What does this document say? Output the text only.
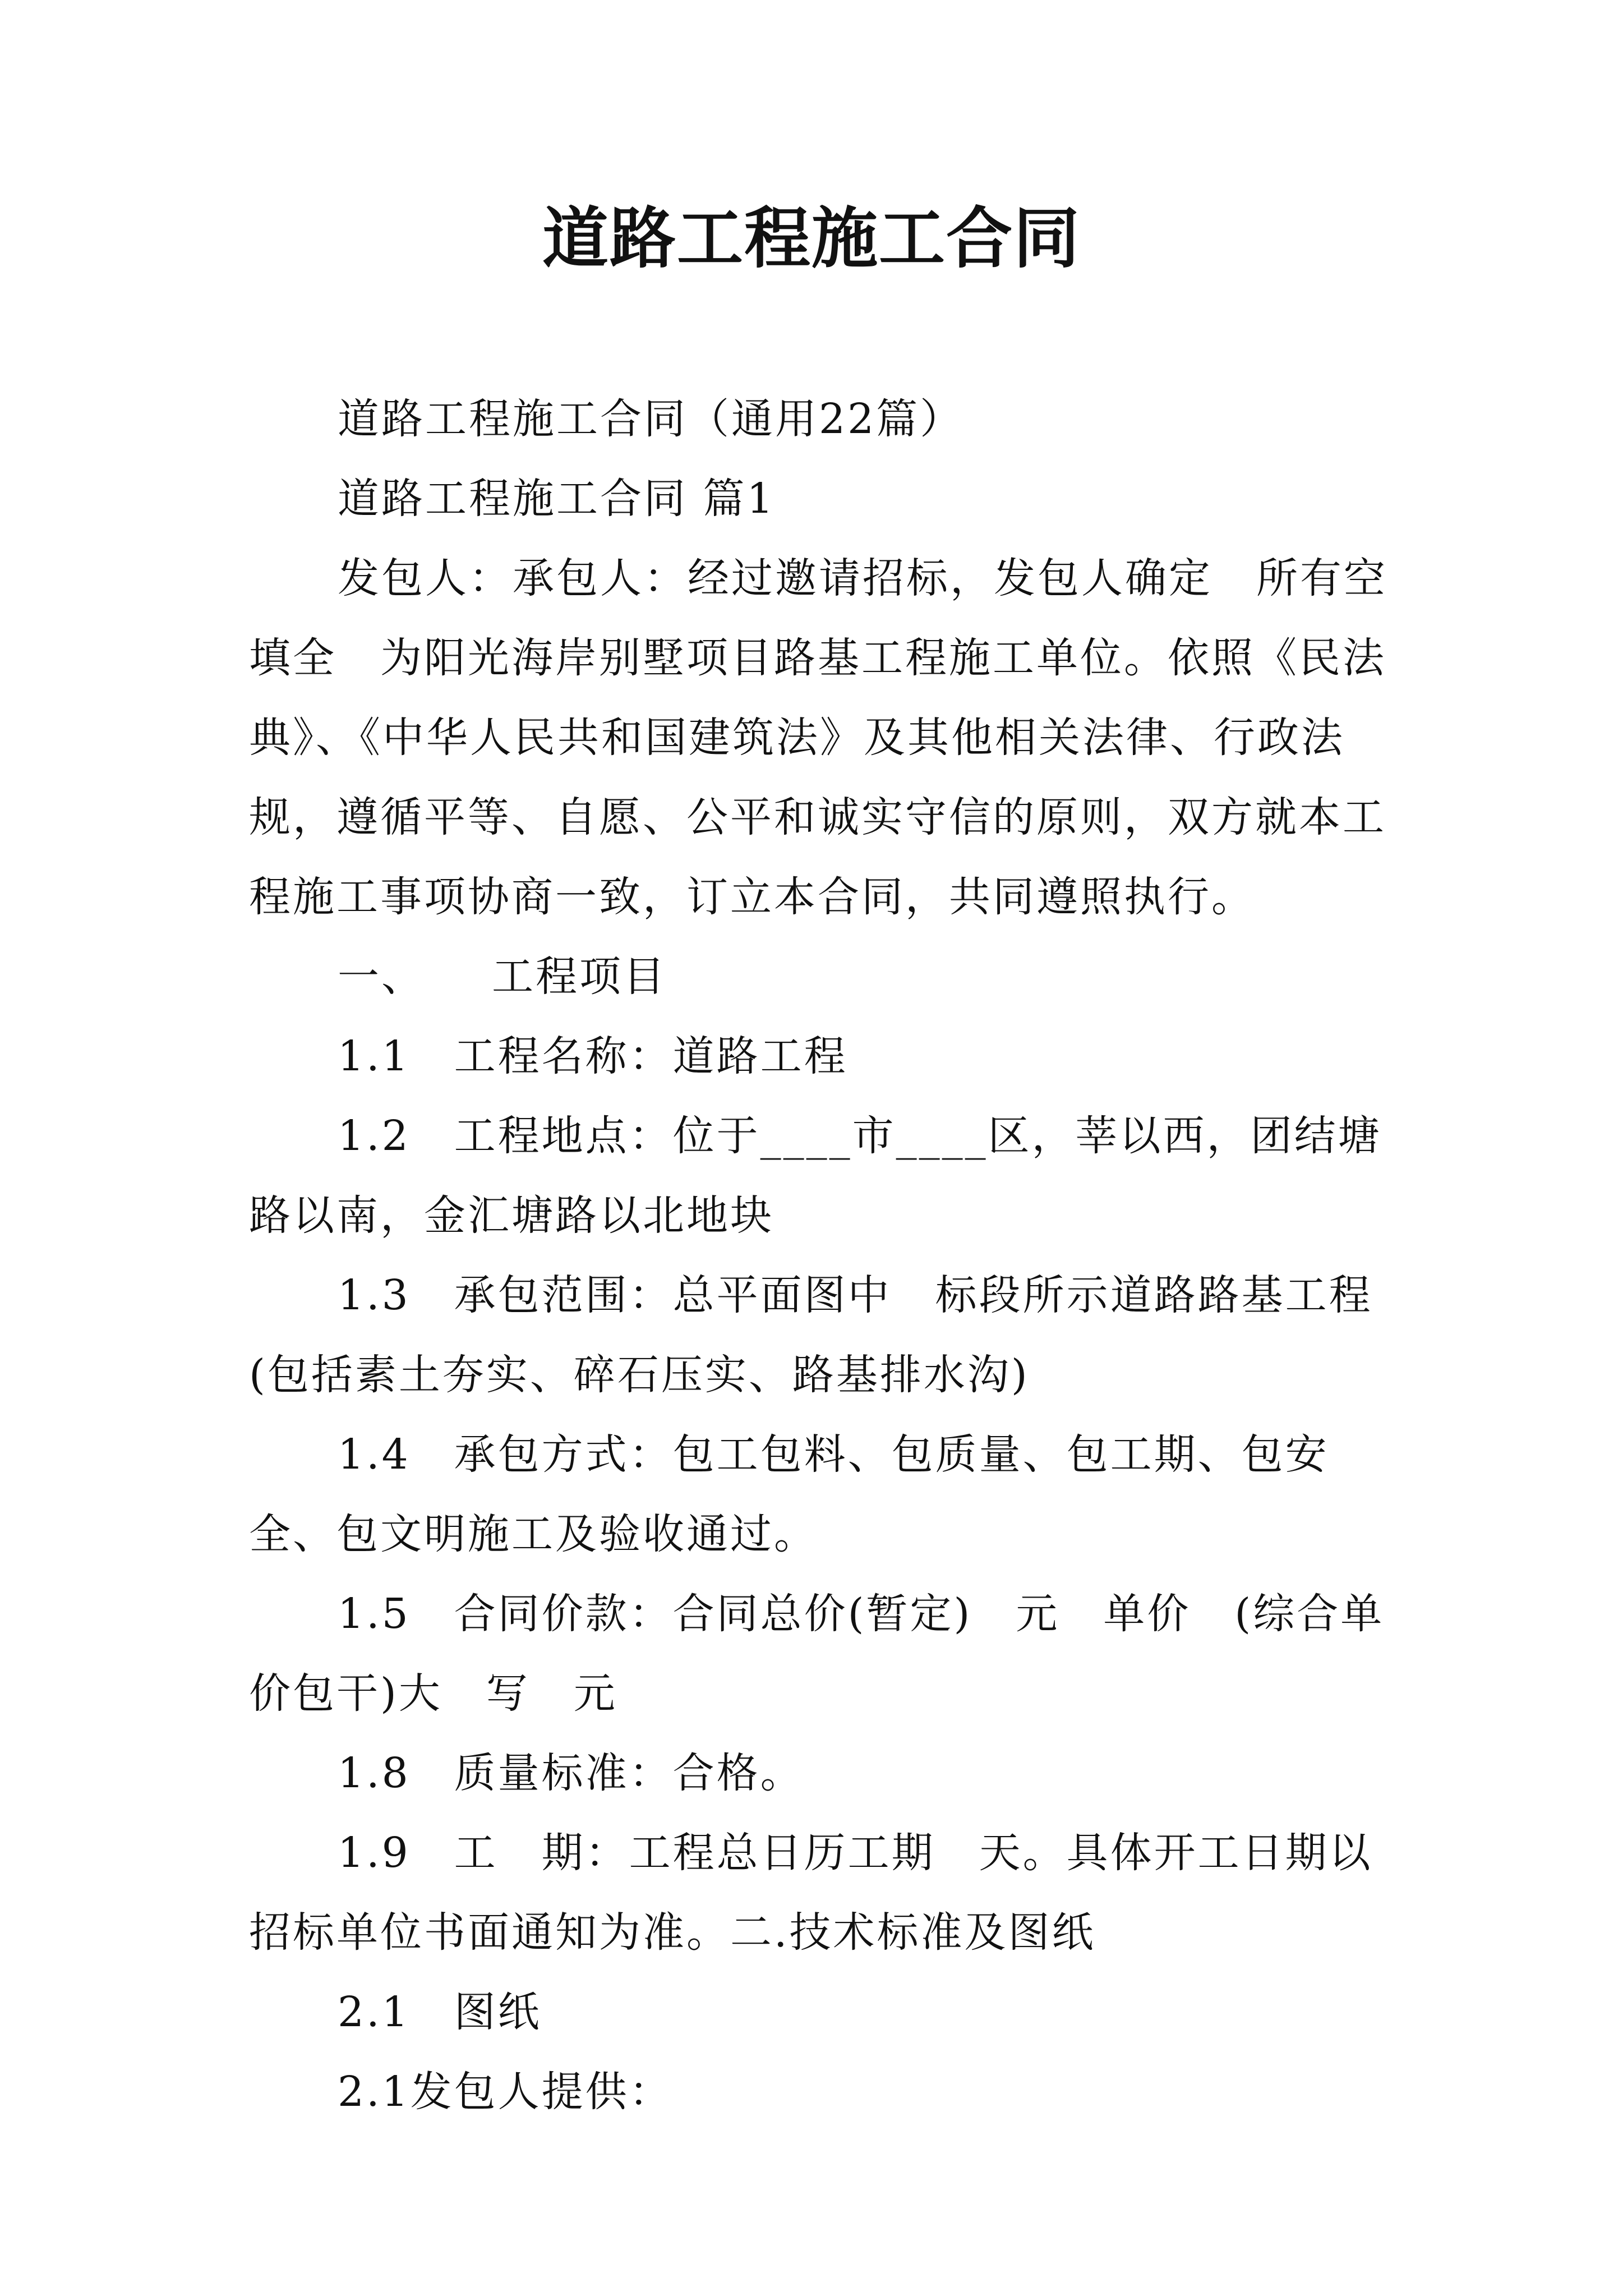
道路工程施工合同

道路工程施工合同（通用22篇）

道路工程施工合同 篇1

发包人：承包人：经过邀请招标，发包人确定　所有空填全　为阳光海岸别墅项目路基工程施工单位。依照《民法典》、《中华人民共和国建筑法》及其他相关法律、行政法规，遵循平等、自愿、公平和诚实守信的原则，双方就本工程施工事项协商一致，订立本合同，共同遵照执行。

一、　　工程项目

1.1　工程名称：道路工程

1.2　工程地点：位于____市____区，莘以西，团结塘路以南，金汇塘路以北地块

1.3　承包范围：总平面图中　标段所示道路路基工程(包括素土夯实、碎石压实、路基排水沟)

1.4　承包方式：包工包料、包质量、包工期、包安全、包文明施工及验收通过。

1.5　合同价款：合同总价(暂定)　元　单价　(综合单价包干)大　写　元

1.8　质量标准：合格。

1.9　工　期：工程总日历工期　天。具体开工日期以招标单位书面通知为准。二.技术标准及图纸

2.1　图纸

2.1发包人提供：
